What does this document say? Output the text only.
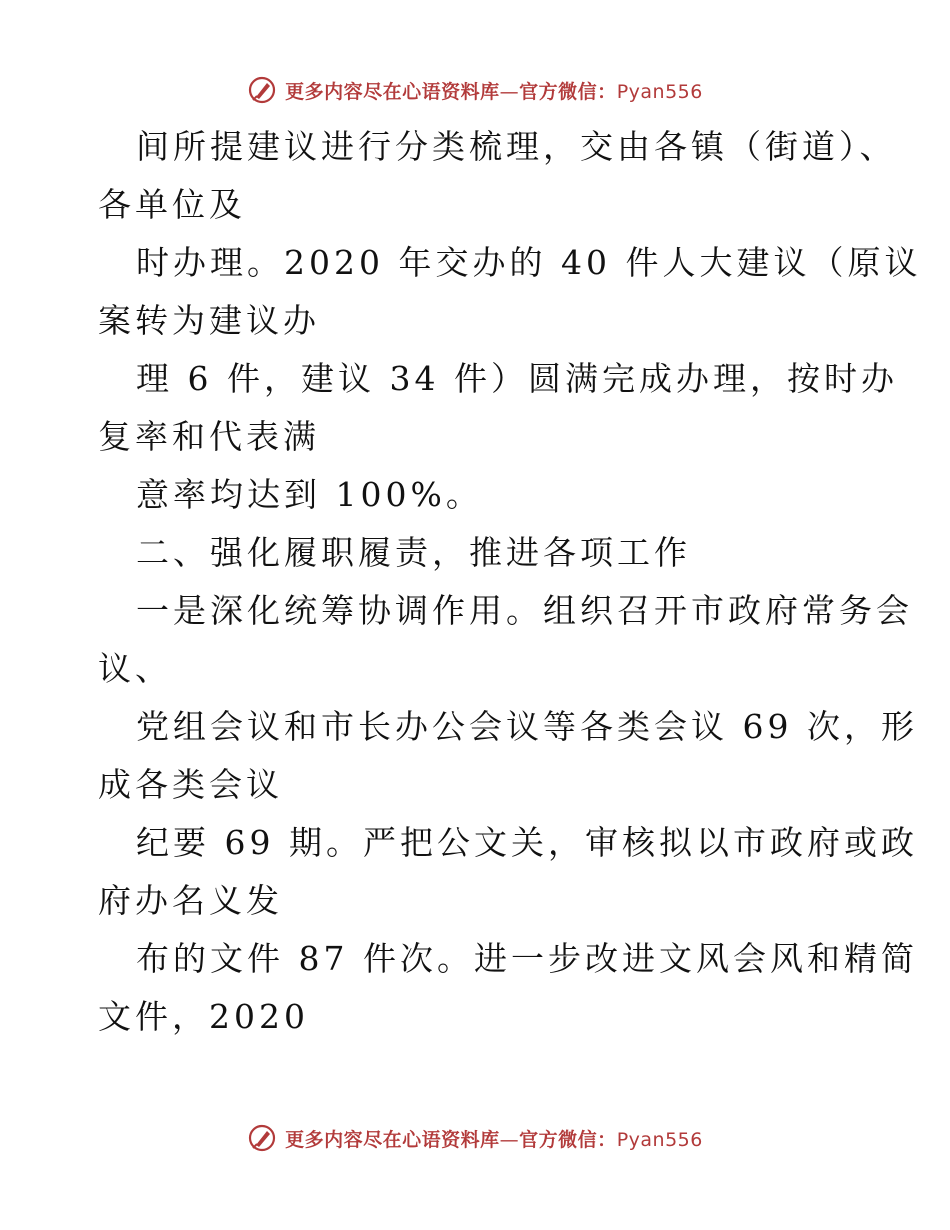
更多内容尽在心语资料库—官方微信：Pyan556
间所提建议进行分类梳理，交由各镇（街道）、
各单位及
时办理。2020 年交办的 40 件人大建议（原议
案转为建议办
理 6 件，建议 34 件）圆满完成办理，按时办
复率和代表满
意率均达到 100%。
二、强化履职履责，推进各项工作
一是深化统筹协调作用。组织召开市政府常务会
议、
党组会议和市长办公会议等各类会议 69 次，形
成各类会议
纪要 69 期。严把公文关，审核拟以市政府或政
府办名义发
布的文件 87 件次。进一步改进文风会风和精简
文件，2020
更多内容尽在心语资料库—官方微信：Pyan556
